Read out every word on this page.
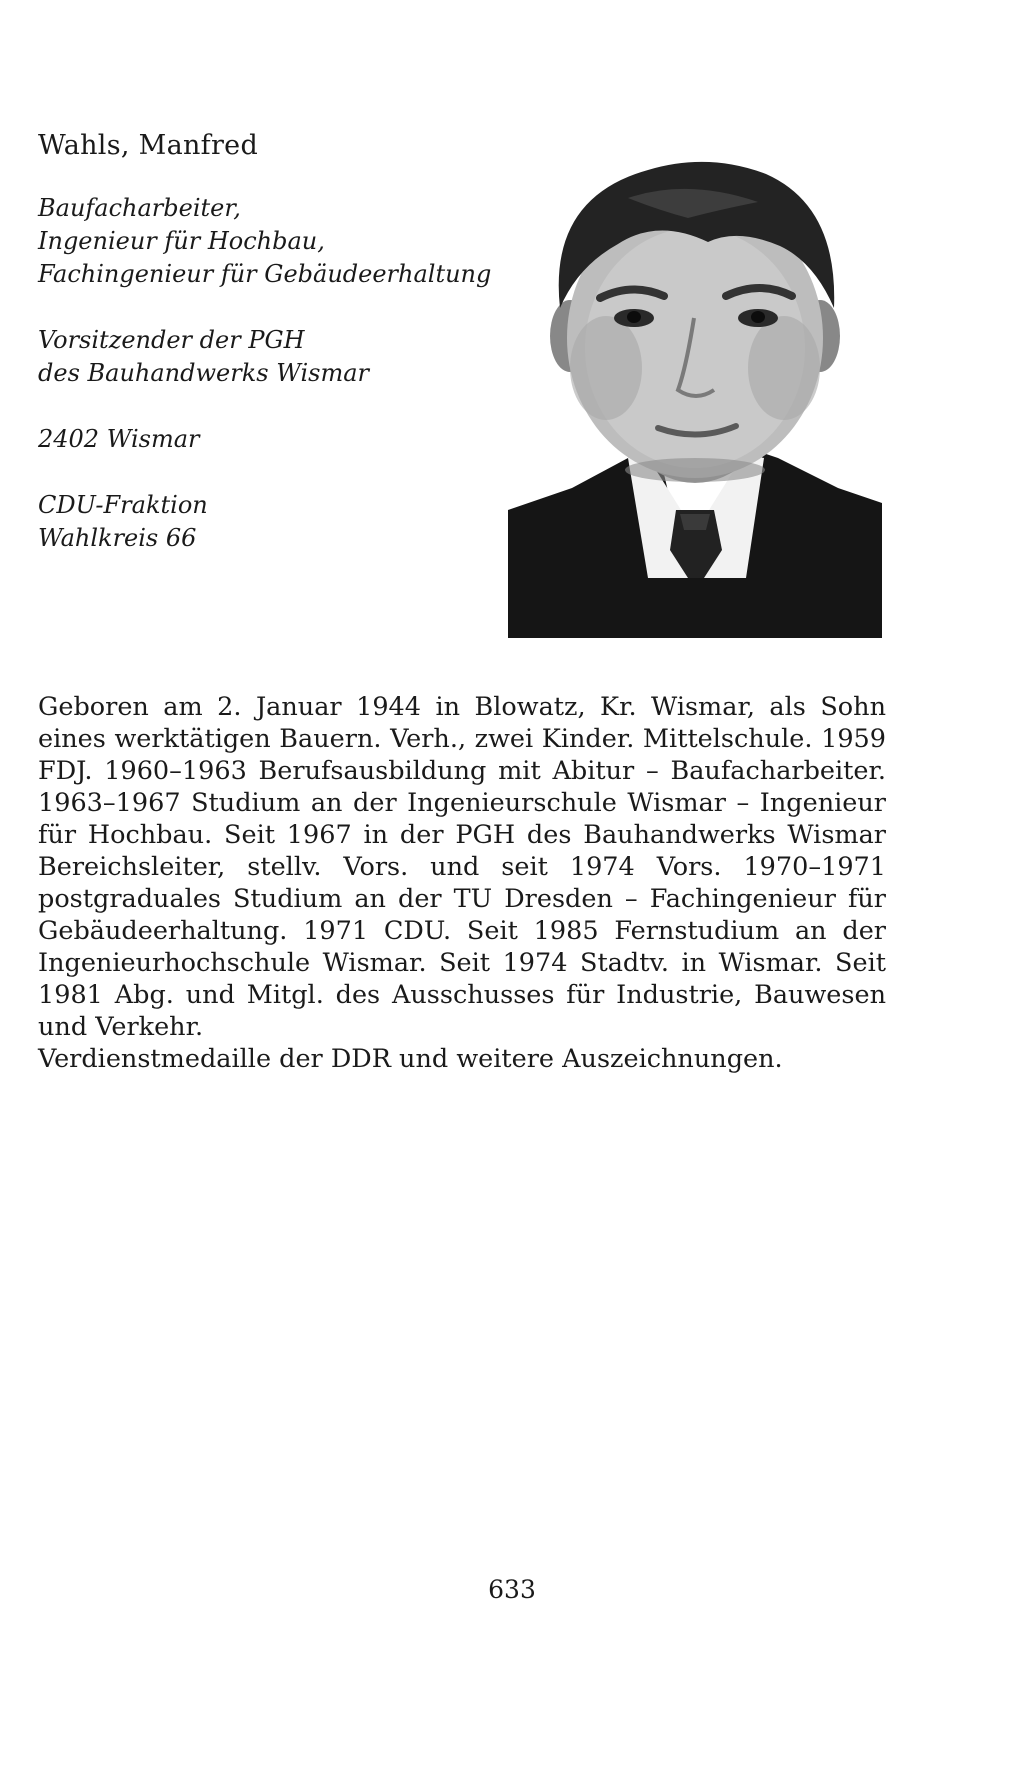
Wahls, Manfred
Baufacharbeiter,
Ingenieur für Hochbau,
Fachingenieur für Gebäudeerhaltung
Vorsitzender der PGH
des Bauhandwerks Wismar
2402 Wismar
CDU-Fraktion
Wahlkreis 66

Geboren am 2. Januar 1944 in Blowatz, Kr. Wismar, als Sohn eines werktätigen Bauern. Verh., zwei Kinder. Mittelschule. 1959 FDJ. 1960–1963 Berufsausbildung mit Abitur – Baufacharbeiter. 1963–1967 Studium an der Ingenieurschule Wismar – Ingenieur für Hochbau. Seit 1967 in der PGH des Bauhandwerks Wismar Bereichsleiter, stellv. Vors. und seit 1974 Vors. 1970–1971 postgraduales Studium an der TU Dresden – Fachingenieur für Gebäudeerhaltung. 1971 CDU. Seit 1985 Fernstudium an der Ingenieurhochschule Wismar. Seit 1974 Stadtv. in Wismar. Seit 1981 Abg. und Mitgl. des Ausschusses für Industrie, Bauwesen und Verkehr.

Verdienstmedaille der DDR und weitere Auszeichnungen.

633
